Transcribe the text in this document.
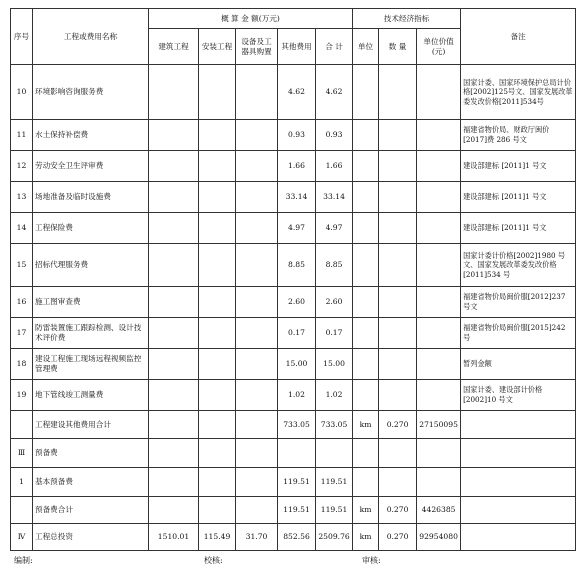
序号	工程或费用名称	概 算 金 额(万元)					技术经济指标			备注
		建筑工程	安装工程	设备及工器具购置	其他费用	合 计	单位	数 量	单位价值(元)	
10	环境影响咨询服务费				4.62	4.62				国家计委、国家环境保护总局计价格[2002]125号文、国家发展改革委发改价格[2011]534号
11	水土保持补偿费				0.93	0.93				福建省物价局、财政厅闽价[2017]费 286 号文
12	劳动安全卫生评审费				1.66	1.66				建设部建标 [2011]1 号文
13	场地准备及临时设施费				33.14	33.14				建设部建标 [2011]1 号文
14	工程保险费				4.97	4.97				建设部建标 [2011]1 号文
15	招标代理服务费				8.85	8.85				国家计委计价格[2002]1980 号文、国家发展改革委发改价格[2011]534 号
16	施工图审查费				2.60	2.60				福建省物价局闽价服[2012]237 号文
17	防雷装置施工跟踪检测、设计技术评价费				0.17	0.17				福建省物价局闽价服[2015]242 号
18	建设工程施工现场远程视频监控管理费				15.00	15.00				暂列金额
19	地下管线竣工测量费				1.02	1.02				国家计委、建设部计价格[2002]10 号文
	工程建设其他费用合计				733.05	733.05	km	0.270	27150095	
Ⅲ	预备费									
1	基本预备费				119.51	119.51				
	预备费合计				119.51	119.51	km	0.270	4426385	
Ⅳ	工程总投资	1510.01	115.49	31.70	852.56	2509.76	km	0.270	92954080	
编制:	校核:	审核:
